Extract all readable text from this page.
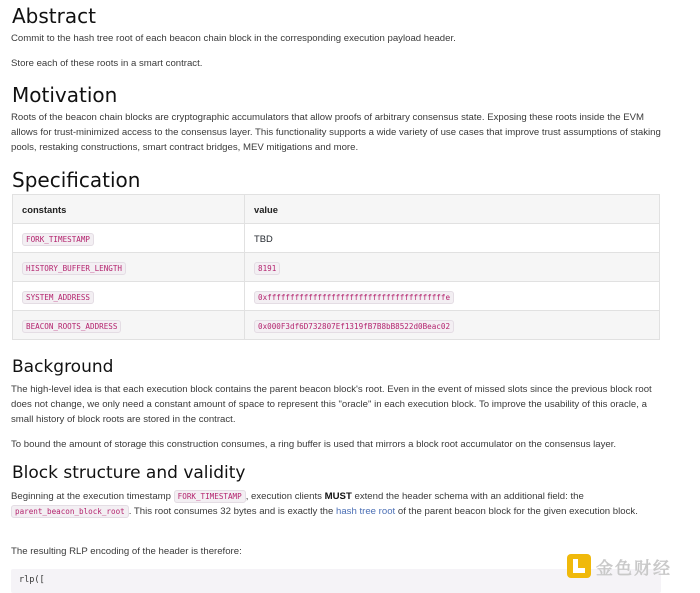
Abstract

Commit to the hash tree root of each beacon chain block in the corresponding execution payload header.

Store each of these roots in a smart contract.

Motivation

Roots of the beacon chain blocks are cryptographic accumulators that allow proofs of arbitrary consensus state. Exposing these roots inside the EVM allows for trust-minimized access to the consensus layer. This functionality supports a wide variety of use cases that improve trust assumptions of staking pools, restaking constructions, smart contract bridges, MEV mitigations and more.

Specification
constants	value
FORK_TIMESTAMP	TBD
HISTORY_BUFFER_LENGTH	8191
SYSTEM_ADDRESS	0xfffffffffffffffffffffffffffffffffffffffe
BEACON_ROOTS_ADDRESS	0x000F3df6D732807Ef1319fB7B8bB8522d0Beac02
Background

The high-level idea is that each execution block contains the parent beacon block's root. Even in the event of missed slots since the previous block root does not change, we only need a constant amount of space to represent this "oracle" in each execution block. To improve the usability of this oracle, a small history of block roots are stored in the contract.

To bound the amount of storage this construction consumes, a ring buffer is used that mirrors a block root accumulator on the consensus layer.

Block structure and validity

Beginning at the execution timestamp FORK_TIMESTAMP , execution clients MUST extend the header schema with an additional field: the parent_beacon_block_root . This root consumes 32 bytes and is exactly the hash tree root of the parent beacon block for the given execution block.

The resulting RLP encoding of the header is therefore:

rlp([
金色财经
